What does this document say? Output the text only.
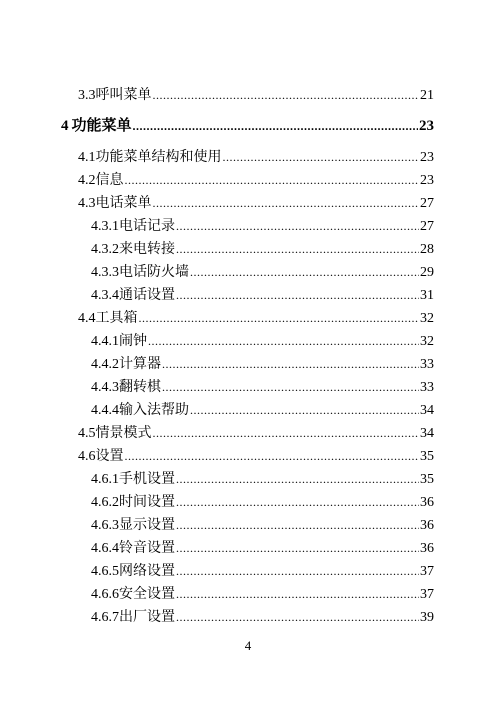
3.3 呼叫菜单 .....	21
4 功能菜单 .....	23
4.1 功能菜单结构和使用 .....	23
4.2 信息 .....	23
4.3 电话菜单 .....	27
4.3.1 电话记录 .....	27
4.3.2 来电转接 .....	28
4.3.3 电话防火墙 .....	29
4.3.4 通话设置 .....	31
4.4 工具箱 .....	32
4.4.1 闹钟 .....	32
4.4.2 计算器 .....	33
4.4.3 翻转棋 .....	33
4.4.4 输入法帮助 .....	34
4.5 情景模式 .....	34
4.6 设置 .....	35
4.6.1 手机设置 .....	35
4.6.2 时间设置 .....	36
4.6.3 显示设置 .....	36
4.6.4 铃音设置 .....	36
4.6.5 网络设置 .....	37
4.6.6 安全设置 .....	37
4.6.7 出厂设置 .....	39
4
